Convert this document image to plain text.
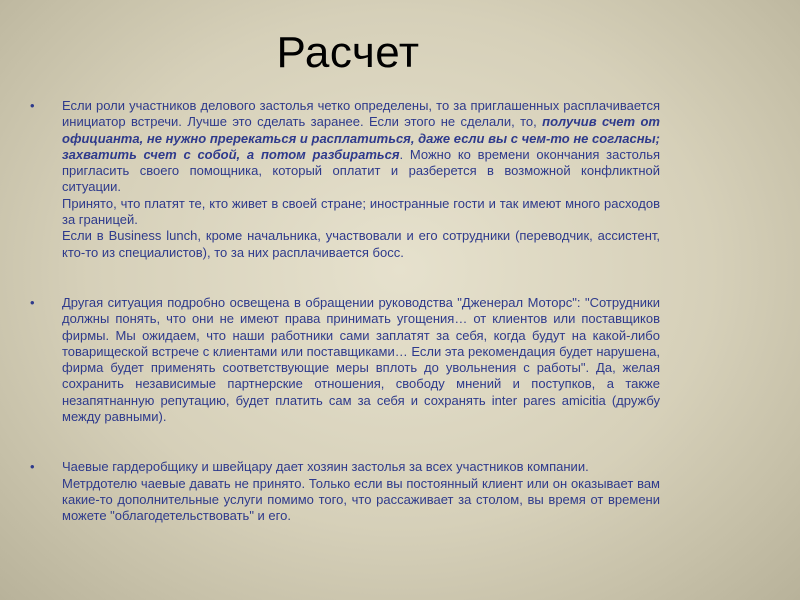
Расчет
• Если роли участников делового застолья четко определены, то за приглашенных расплачивается инициатор встречи. Лучше это сделать заранее. Если этого не сделали, то, получив счет от официанта, не нужно пререкаться и расплатиться, даже если вы с чем-то не согласны; захватить счет с собой, а потом разбираться. Можно ко времени окончания застолья пригласить своего помощника, который оплатит и разберется в возможной конфликтной ситуации.
Принято, что платят те, кто живет в своей стране; иностранные гости и так имеют много расходов за границей.
Если в Business lunch, кроме начальника, участвовали и его сотрудники (переводчик, ассистент, кто-то из специалистов), то за них расплачивается босс.
• Другая ситуация подробно освещена в обращении руководства "Дженерал Моторс": "Сотрудники должны понять, что они не имеют права принимать угощения… от клиентов или поставщиков фирмы. Мы ожидаем, что наши работники сами заплатят за себя, когда будут на какой-либо товарищеской встрече с клиентами или поставщиками… Если эта рекомендация будет нарушена, фирма будет применять соответствующие меры вплоть до увольнения с работы". Да, желая сохранить независимые партнерские отношения, свободу мнений и поступков, а также незапятнанную репутацию, будет платить сам за себя и сохранять inter pares amicitia (дружбу между равными).
• Чаевые гардеробщику и швейцару дает хозяин застолья за всех участников компании.
Метрдотелю чаевые давать не принято. Только если вы постоянный клиент или он оказывает вам какие-то дополнительные услуги помимо того, что рассаживает за столом, вы время от времени можете "облагодетельствовать" и его.
